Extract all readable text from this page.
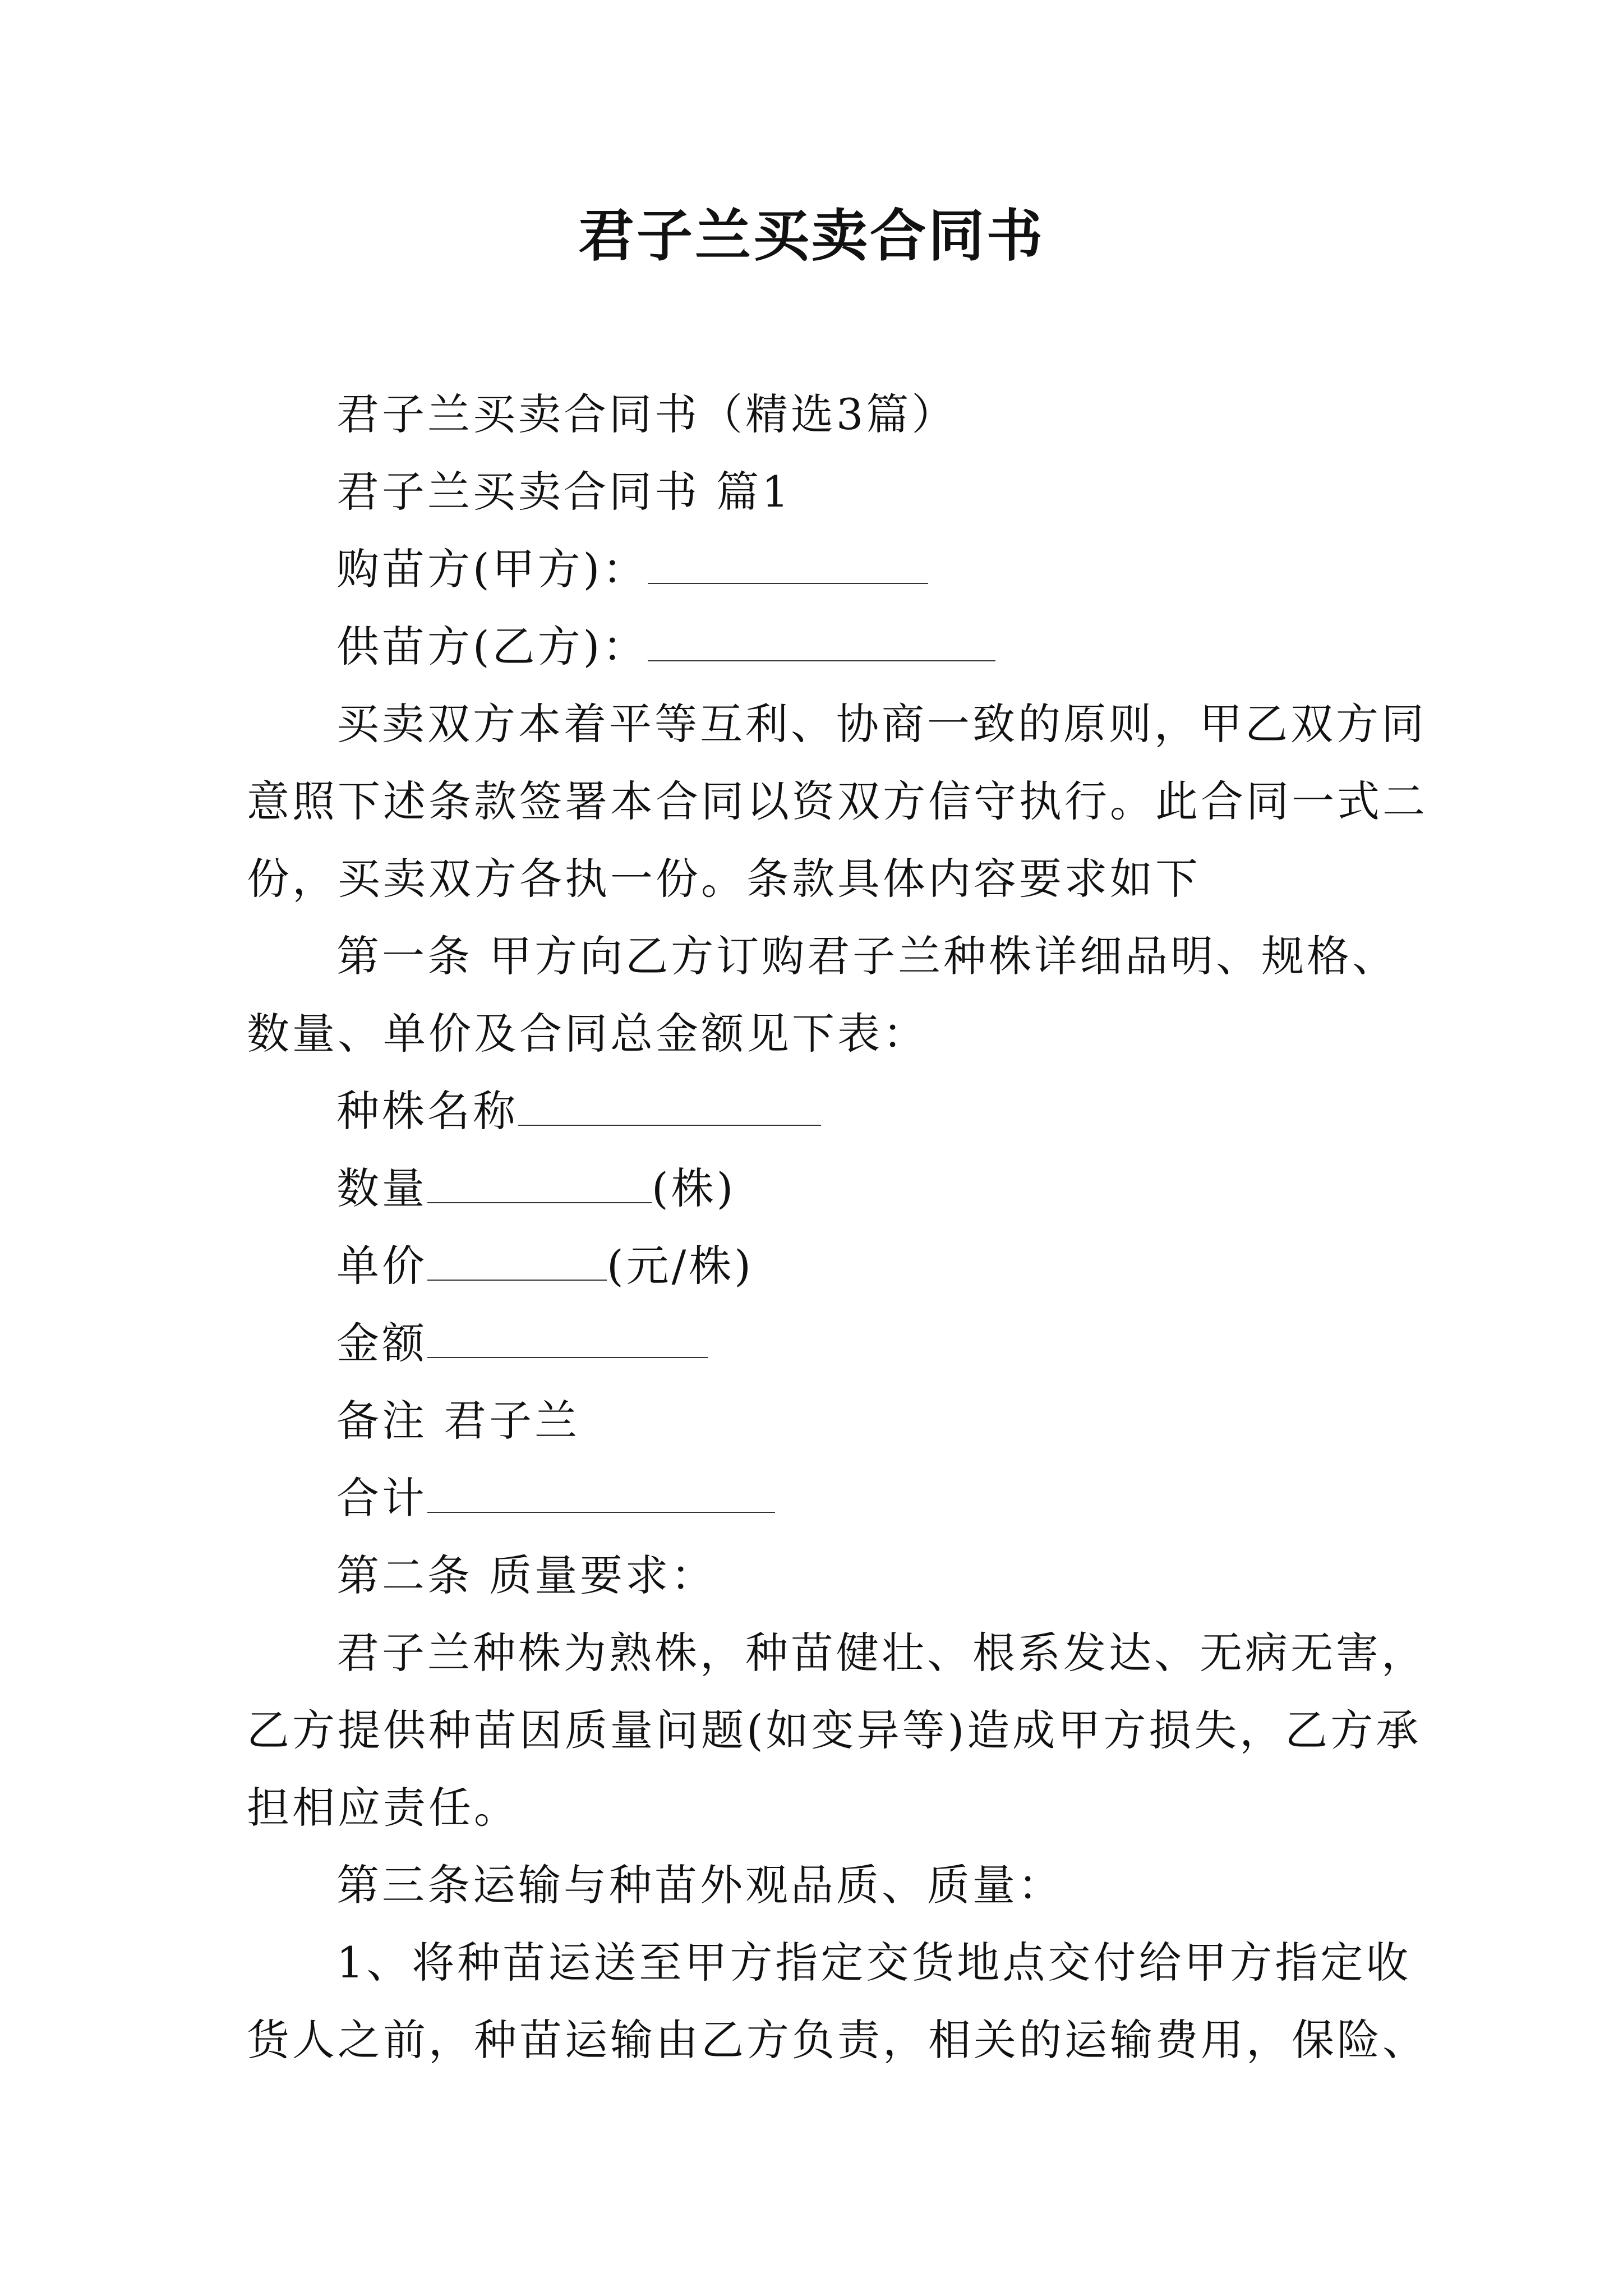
君子兰买卖合同书
君子兰买卖合同书（精选3篇）
君子兰买卖合同书 篇1
购苗方(甲方)：
供苗方(乙方)：
买卖双方本着平等互利、协商一致的原则，甲乙双方同
意照下述条款签署本合同以资双方信守执行。此合同一式二
份，买卖双方各执一份。条款具体内容要求如下
第一条 甲方向乙方订购君子兰种株详细品明、规格、
数量、单价及合同总金额见下表：
种株名称
数量	(株)
单价	(元/株)
金额
备注 君子兰
合计
第二条 质量要求：
君子兰种株为熟株，种苗健壮、根系发达、无病无害，
乙方提供种苗因质量问题(如变异等)造成甲方损失，乙方承
担相应责任。
第三条运输与种苗外观品质、质量：
1、将种苗运送至甲方指定交货地点交付给甲方指定收
货人之前，种苗运输由乙方负责，相关的运输费用，保险、
